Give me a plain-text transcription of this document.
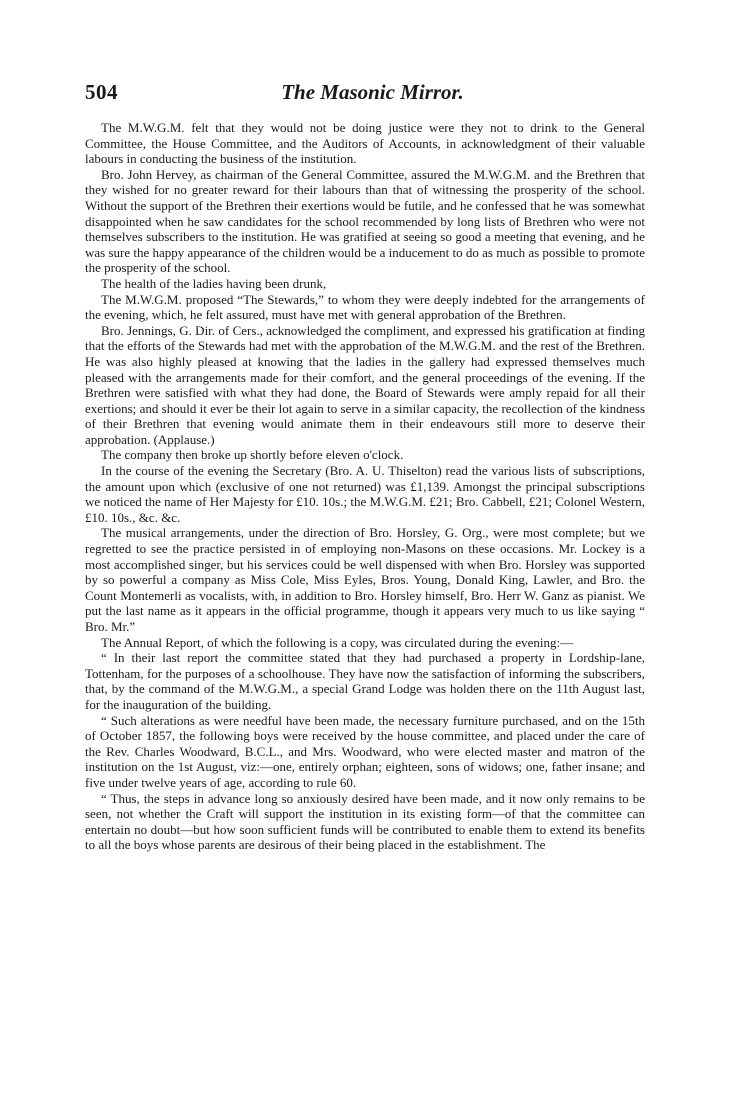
504	The Masonic Mirror.

The M.W.G.M. felt that they would not be doing justice were they not to drink to the General Committee, the House Committee, and the Auditors of Accounts, in acknowledgment of their valuable labours in conducting the business of the institution.

Bro. John Hervey, as chairman of the General Committee, assured the M.W.G.M. and the Brethren that they wished for no greater reward for their labours than that of witnessing the prosperity of the school. Without the support of the Brethren their exertions would be futile, and he confessed that he was somewhat disappointed when he saw candidates for the school recommended by long lists of Brethren who were not themselves subscribers to the institution. He was gratified at seeing so good a meeting that evening, and he was sure the happy appearance of the children would be a inducement to do as much as possible to promote the prosperity of the school.

The health of the ladies having been drunk,

The M.W.G.M. proposed “The Stewards,” to whom they were deeply indebted for the arrangements of the evening, which, he felt assured, must have met with general approbation of the Brethren.

Bro. Jennings, G. Dir. of Cers., acknowledged the compliment, and expressed his gratification at finding that the efforts of the Stewards had met with the approbation of the M.W.G.M. and the rest of the Brethren. He was also highly pleased at knowing that the ladies in the gallery had expressed themselves much pleased with the arrangements made for their comfort, and the general proceedings of the evening. If the Brethren were satisfied with what they had done, the Board of Stewards were amply repaid for all their exertions; and should it ever be their lot again to serve in a similar capacity, the recollection of the kindness of their Brethren that evening would animate them in their endeavours still more to deserve their approbation. (Applause.)

The company then broke up shortly before eleven o'clock.

In the course of the evening the Secretary (Bro. A. U. Thiselton) read the various lists of subscriptions, the amount upon which (exclusive of one not returned) was £1,139. Amongst the principal subscriptions we noticed the name of Her Majesty for £10. 10s.; the M.W.G.M. £21; Bro. Cabbell, £21; Colonel Western, £10. 10s., &c. &c.

The musical arrangements, under the direction of Bro. Horsley, G. Org., were most complete; but we regretted to see the practice persisted in of employing non-Masons on these occasions. Mr. Lockey is a most accomplished singer, but his services could be well dispensed with when Bro. Horsley was supported by so powerful a company as Miss Cole, Miss Eyles, Bros. Young, Donald King, Lawler, and Bro. the Count Montemerli as vocalists, with, in addition to Bro. Horsley himself, Bro. Herr W. Ganz as pianist. We put the last name as it appears in the official programme, though it appears very much to us like saying “ Bro. Mr.”

The Annual Report, of which the following is a copy, was circulated during the evening:—

“ In their last report the committee stated that they had purchased a property in Lordship-lane, Tottenham, for the purposes of a schoolhouse. They have now the satisfaction of informing the subscribers, that, by the command of the M.W.G.M., a special Grand Lodge was holden there on the 11th August last, for the inauguration of the building.

“ Such alterations as were needful have been made, the necessary furniture purchased, and on the 15th of October 1857, the following boys were received by the house committee, and placed under the care of the Rev. Charles Woodward, B.C.L., and Mrs. Woodward, who were elected master and matron of the institution on the 1st August, viz:—one, entirely orphan; eighteen, sons of widows; one, father insane; and five under twelve years of age, according to rule 60.

“ Thus, the steps in advance long so anxiously desired have been made, and it now only remains to be seen, not whether the Craft will support the institution in its existing form—of that the committee can entertain no doubt—but how soon sufficient funds will be contributed to enable them to extend its benefits to all the boys whose parents are desirous of their being placed in the establishment. The
